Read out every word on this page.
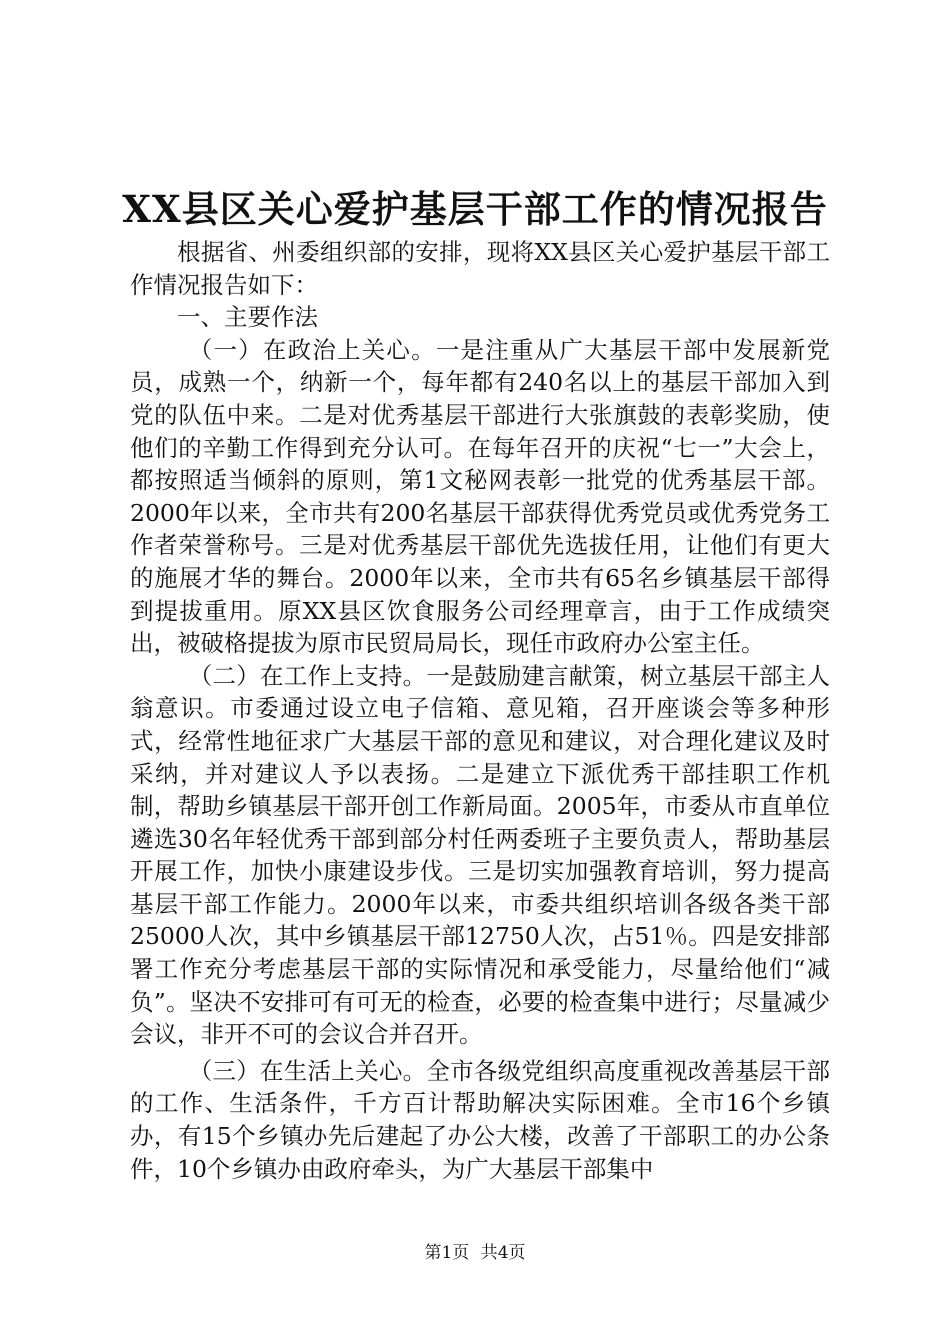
XX县区关心爱护基层干部工作的情况报告

根据省、州委组织部的安排，现将XX县区关心爱护基层干部工作情况报告如下：

一、主要作法

（一）在政治上关心。一是注重从广大基层干部中发展新党员，成熟一个，纳新一个，每年都有240名以上的基层干部加入到党的队伍中来。二是对优秀基层干部进行大张旗鼓的表彰奖励，使他们的辛勤工作得到充分认可。在每年召开的庆祝“七一”大会上，都按照适当倾斜的原则，第1文秘网表彰一批党的优秀基层干部。2000年以来，全市共有200名基层干部获得优秀党员或优秀党务工作者荣誉称号。三是对优秀基层干部优先选拔任用，让他们有更大的施展才华的舞台。2000年以来，全市共有65名乡镇基层干部得到提拔重用。原XX县区饮食服务公司经理章言，由于工作成绩突出，被破格提拔为原市民贸局局长，现任市政府办公室主任。

（二）在工作上支持。一是鼓励建言献策，树立基层干部主人翁意识。市委通过设立电子信箱、意见箱，召开座谈会等多种形式，经常性地征求广大基层干部的意见和建议，对合理化建议及时采纳，并对建议人予以表扬。二是建立下派优秀干部挂职工作机制，帮助乡镇基层干部开创工作新局面。2005年，市委从市直单位遴选30名年轻优秀干部到部分村任两委班子主要负责人，帮助基层开展工作，加快小康建设步伐。三是切实加强教育培训，努力提高基层干部工作能力。2000年以来，市委共组织培训各级各类干部25000人次，其中乡镇基层干部12750人次，占51％。四是安排部署工作充分考虑基层干部的实际情况和承受能力，尽量给他们“减负”。坚决不安排可有可无的检查，必要的检查集中进行；尽量减少会议，非开不可的会议合并召开。

（三）在生活上关心。全市各级党组织高度重视改善基层干部的工作、生活条件，千方百计帮助解决实际困难。全市16个乡镇办，有15个乡镇办先后建起了办公大楼，改善了干部职工的办公条件，10个乡镇办由政府牵头，为广大基层干部集中

第1页 共4页
